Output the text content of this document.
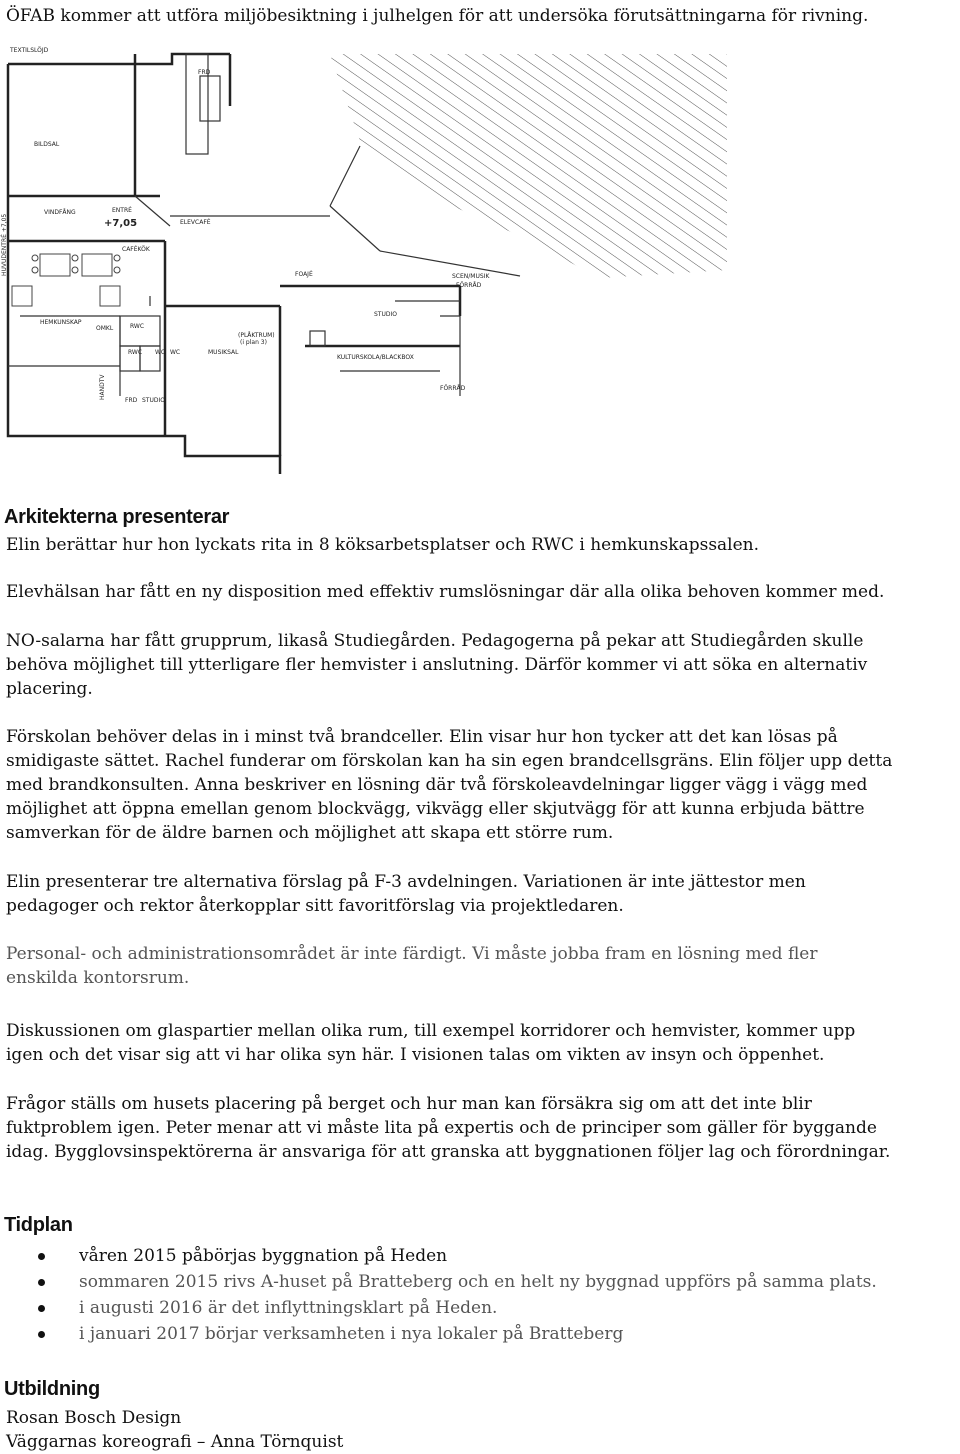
ÖFAB kommer att utföra miljöbesiktning i julhelgen för att undersöka förutsättningarna för rivning.
TEXTILSLÖJD
FRD
BILDSAL
VINDFÅNG	ENTRÉ
+7,05	ELEVCAFÉ
HUVUDENTRÉ +7,05	CAFÉKÖK
FOAJÉ	SCEN/MUSIK
FÖRRÅD
HEMKUNSKAP
OMKL	RWC
STUDIO
(PLÅKTRUM)
(i plan 3)
MUSIKSAL
KULTURSKOLA/BLACKBOX
RWC WC WC
HANDTV	FÖRRÅD
FRD STUDIO
Arkitekterna presenterar
Elin berättar hur hon lyckats rita in 8 köksarbetsplatser och RWC i hemkunskapssalen.
Elevhälsan har fått en ny disposition med effektiv rumslösningar där alla olika behoven kommer med.
NO-salarna har fått grupprum, likaså Studiegården. Pedagogerna på pekar att Studiegården skulle
behöva möjlighet till ytterligare fler hemvister i anslutning. Därför kommer vi att söka en alternativ
placering.
Förskolan behöver delas in i minst två brandceller. Elin visar hur hon tycker att det kan lösas på
smidigaste sättet. Rachel funderar om förskolan kan ha sin egen brandcellsgräns. Elin följer upp detta
med brandkonsulten. Anna beskriver en lösning där två förskoleavdelningar ligger vägg i vägg med
möjlighet att öppna emellan genom blockvägg, vikvägg eller skjutvägg för att kunna erbjuda bättre
samverkan för de äldre barnen och möjlighet att skapa ett större rum.
Elin presenterar tre alternativa förslag på F-3 avdelningen. Variationen är inte jättestor men
pedagoger och rektor återkopplar sitt favoritförslag via projektledaren.
Personal- och administrationsområdet är inte färdigt. Vi måste jobba fram en lösning med fler
enskilda kontorsrum.
Diskussionen om glaspartier mellan olika rum, till exempel korridorer och hemvister, kommer upp
igen och det visar sig att vi har olika syn här. I visionen talas om vikten av insyn och öppenhet.
Frågor ställs om husets placering på berget och hur man kan försäkra sig om att det inte blir
fuktproblem igen. Peter menar att vi måste lita på expertis och de principer som gäller för byggande
idag. Bygglovsinspektörerna är ansvariga för att granska att byggnationen följer lag och förordningar.
Tidplan
våren 2015 påbörjas byggnation på Heden
sommaren 2015 rivs A-huset på Bratteberg och en helt ny byggnad uppförs på samma plats.
i augusti 2016 är det inflyttningsklart på Heden.
i januari 2017 börjar verksamheten i nya lokaler på Bratteberg
Utbildning
Rosan Bosch Design
Väggarnas koreografi – Anna Törnquist
